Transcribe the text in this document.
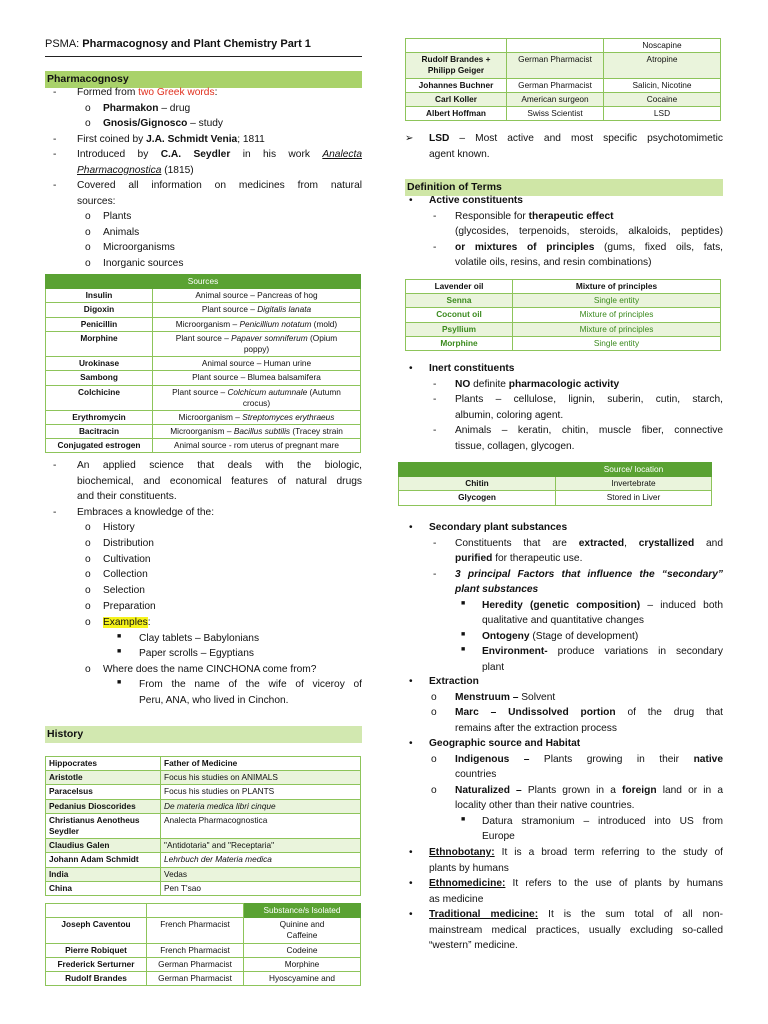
PSMA: Pharmacognosy and Plant Chemistry Part 1
Pharmacognosy
- Formed from two Greek words:
o Pharmakon – drug
o Gnosis/Gignosco – study
- First coined by J.A. Schmidt Venia; 1811
- Introduced by C.A. Seydler in his work Analecta
Pharmacognostica (1815)
- Covered all information on medicines from natural
sources:
o Plants
o Animals
o Microorganisms
o Inorganic sources
Sources	
Insulin	Animal source – Pancreas of hog
Digoxin	Plant source – Digitalis lanata
Penicillin	Microorganism – Penicillium notatum (mold)
Morphine	Plant source – Papaver somniferum (Opium
poppy)
Urokinase	Animal source – Human urine
Sambong	Plant source – Blumea balsamifera
Colchicine	Plant source – Colchicum autumnale (Autumn
crocus)
Erythromycin	Microorganism – Streptomyces erythraeus
Bacitracin	Microorganism – Bacillus subtilis (Tracey strain
Conjugated estrogen	Animal source - rom uterus of pregnant mare
- An applied science that deals with the biologic,
biochemical, and economical features of natural drugs
and their constituents.
- Embraces a knowledge of the:
o History
o Distribution
o Cultivation
o Collection
o Selection
o Preparation
o Examples:
■ Clay tablets – Babylonians
■ Paper scrolls – Egyptians
o Where does the name CINCHONA come from?
■ From the name of the wife of viceroy of
Peru, ANA, who lived in Cinchon.
History
Hippocrates	Father of Medicine
Aristotle	Focus his studies on ANIMALS
Paracelsus	Focus his studies on PLANTS
Pedanius Dioscorides	De materia medica libri cinque
Christianus Aenotheus
Seydler	Analecta Pharmacognostica
Claudius Galen	"Antidotaria" and "Receptaria"
Johann Adam Schmidt	Lehrbuch der Materia medica
India	Vedas
China	Pen T'sao
		Substance/s Isolated
Joseph Caventou	French Pharmacist	Quinine and
Caffeine
Pierre Robiquet	French Pharmacist	Codeine
Frederick Serturner	German Pharmacist	Morphine
Rudolf Brandes	German Pharmacist	Hyoscyamine and
		Noscapine
Rudolf Brandes +
Philipp Geiger	German Pharmacist	Atropine
Johannes Buchner	German Pharmacist	Salicin, Nicotine
Carl Koller	American surgeon	Cocaine
Albert Hoffman	Swiss Scientist	LSD
➢ LSD – Most active and most specific psychotomimetic
agent known.
Definition of Terms
• Active constituents
- Responsible for therapeutic effect
(glycosides, terpenoids, steroids, alkaloids, peptides)
- or mixtures of principles (gums, fixed oils, fats,
volatile oils, resins, and resin combinations)
Lavender oil	Mixture of principles
Senna	Single entity
Coconut oil	Mixture of principles
Psyllium	Mixture of principles
Morphine	Single entity
• Inert constituents
- NO definite pharmacologic activity
- Plants – cellulose, lignin, suberin, cutin, starch,
albumin, coloring agent.
- Animals – keratin, chitin, muscle fiber, connective
tissue, collagen, glycogen.
	Source/ location
Chitin	Invertebrate
Glycogen	Stored in Liver
• Secondary plant substances
- Constituents that are extracted, crystallized and
purified for therapeutic use.
- 3 principal Factors that influence the “secondary”
plant substances
■ Heredity (genetic composition) – induced both
qualitative and quantitative changes
■ Ontogeny (Stage of development)
■ Environment- produce variations in secondary
plant
• Extraction
o Menstruum – Solvent
o Marc – Undissolved portion of the drug that
remains after the extraction process
• Geographic source and Habitat
o Indigenous – Plants growing in their native
countries
o Naturalized – Plants grown in a foreign land or in a
locality other than their native countries.
■ Datura stramonium – introduced into US from
Europe
• Ethnobotany: It is a broad term referring to the study of
plants by humans
• Ethnomedicine: It refers to the use of plants by humans
as medicine
• Traditional medicine: It is the sum total of all non-
mainstream medical practices, usually excluding so-called
“western” medicine.
